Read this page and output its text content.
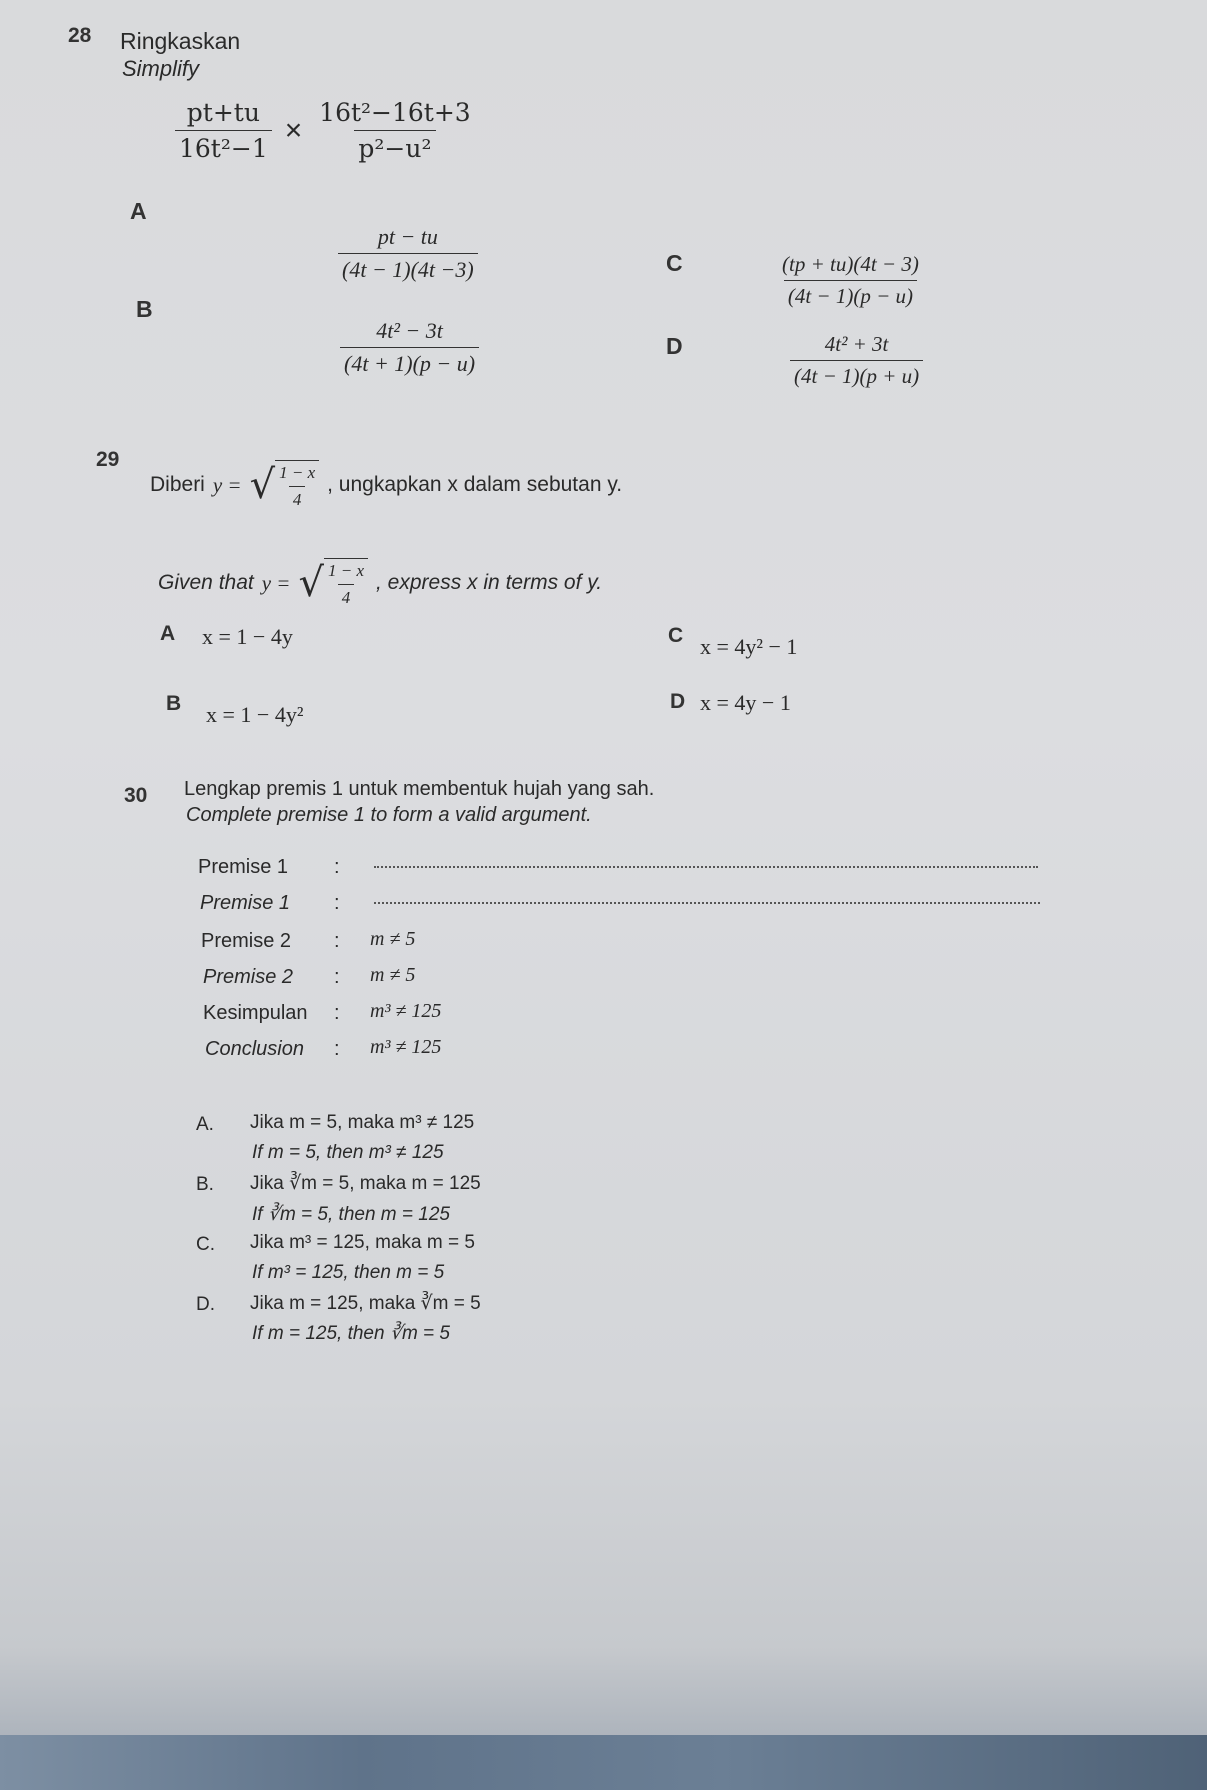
28 Ringkaskan
Simplify
$\frac{pt+tu}{\text{16t²−1}} \times \frac{\text{16t²−16t+3}}{\text{p²−u²}}$
A
$\frac{pt - tu}{(4t - 1)(4t -3)}$
B
$\frac{\text{4t² − 3t}}{(4t + 1)(p - u)}$
C	$\frac{(tp + tu)(4t - 3)}{(4t - 1)(p - u)}$
D	$\frac{\text{4t² + 3t}}{(4t - 1)(p + u)}$
29
Diberi y = √ $\frac{1 - x}{4}$ , ungkapkan x dalam sebutan y.
Given that y = √ $\frac{1 - x}{4}$ , express x in terms of y.
A x = 1 − 4y
B x = 1 − 4y²
C x = 4y² − 1
D x = 4y − 1
30 Lengkap premis 1 untuk membentuk hujah yang sah.
Complete premise 1 to form a valid argument.
Premise 1 :
Premise 1 :
Premise 2 : m ≠ 5
Premise 2 : m ≠ 5
Kesimpulan : m³ ≠ 125
Conclusion : m³ ≠ 125
A. Jika m = 5, maka m³ ≠ 125
If m = 5, then m³ ≠ 125
B. Jika ∛m = 5, maka m = 125
If ∛m = 5, then m = 125
C. Jika m³ = 125, maka m = 5
If m³ = 125, then m = 5
D. Jika m = 125, maka ∛m = 5
If m = 125, then ∛m = 5
